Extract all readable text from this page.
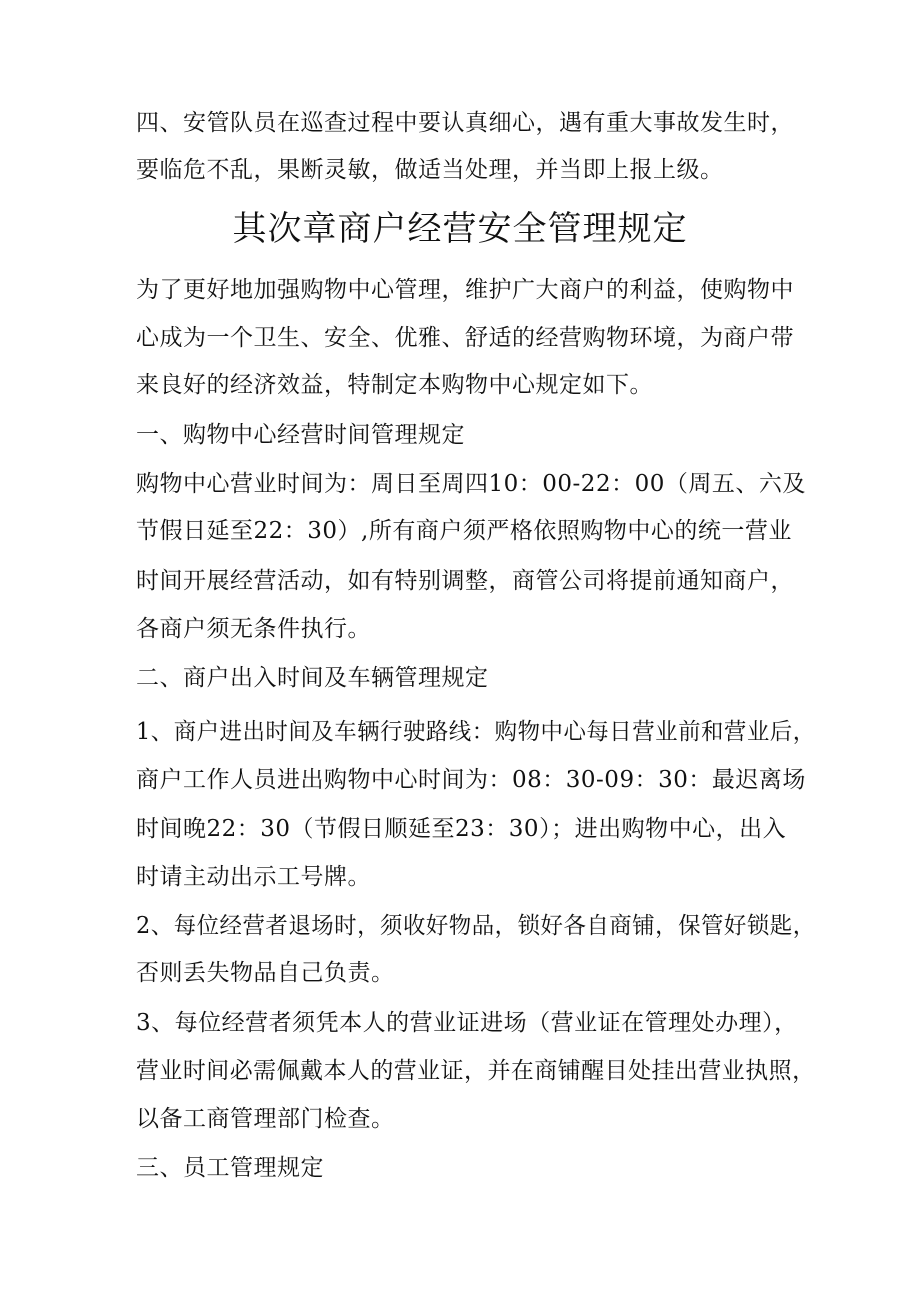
四、安管队员在巡查过程中要认真细心，遇有重大事故发生时，
要临危不乱，果断灵敏，做适当处理，并当即上报上级。
其次章商户经营安全管理规定
为了更好地加强购物中心管理，维护广大商户的利益，使购物中
心成为一个卫生、安全、优雅、舒适的经营购物环境，为商户带
来良好的经济效益，特制定本购物中心规定如下。
一、购物中心经营时间管理规定
购物中心营业时间为：周日至周四10：00-22：00（周五、六及
节假日延至22：30）,所有商户须严格依照购物中心的统一营业
时间开展经营活动，如有特别调整，商管公司将提前通知商户，
各商户须无条件执行。
二、商户出入时间及车辆管理规定
1、商户进出时间及车辆行驶路线：购物中心每日营业前和营业后，
商户工作人员进出购物中心时间为：08：30-09：30：最迟离场
时间晚22：30（节假日顺延至23：30）；进出购物中心，出入
时请主动出示工号牌。
2、每位经营者退场时，须收好物品，锁好各自商铺，保管好锁匙，
否则丢失物品自己负责。
3、每位经营者须凭本人的营业证进场（营业证在管理处办理），
营业时间必需佩戴本人的营业证，并在商铺醒目处挂出营业执照，
以备工商管理部门检查。
三、员工管理规定
